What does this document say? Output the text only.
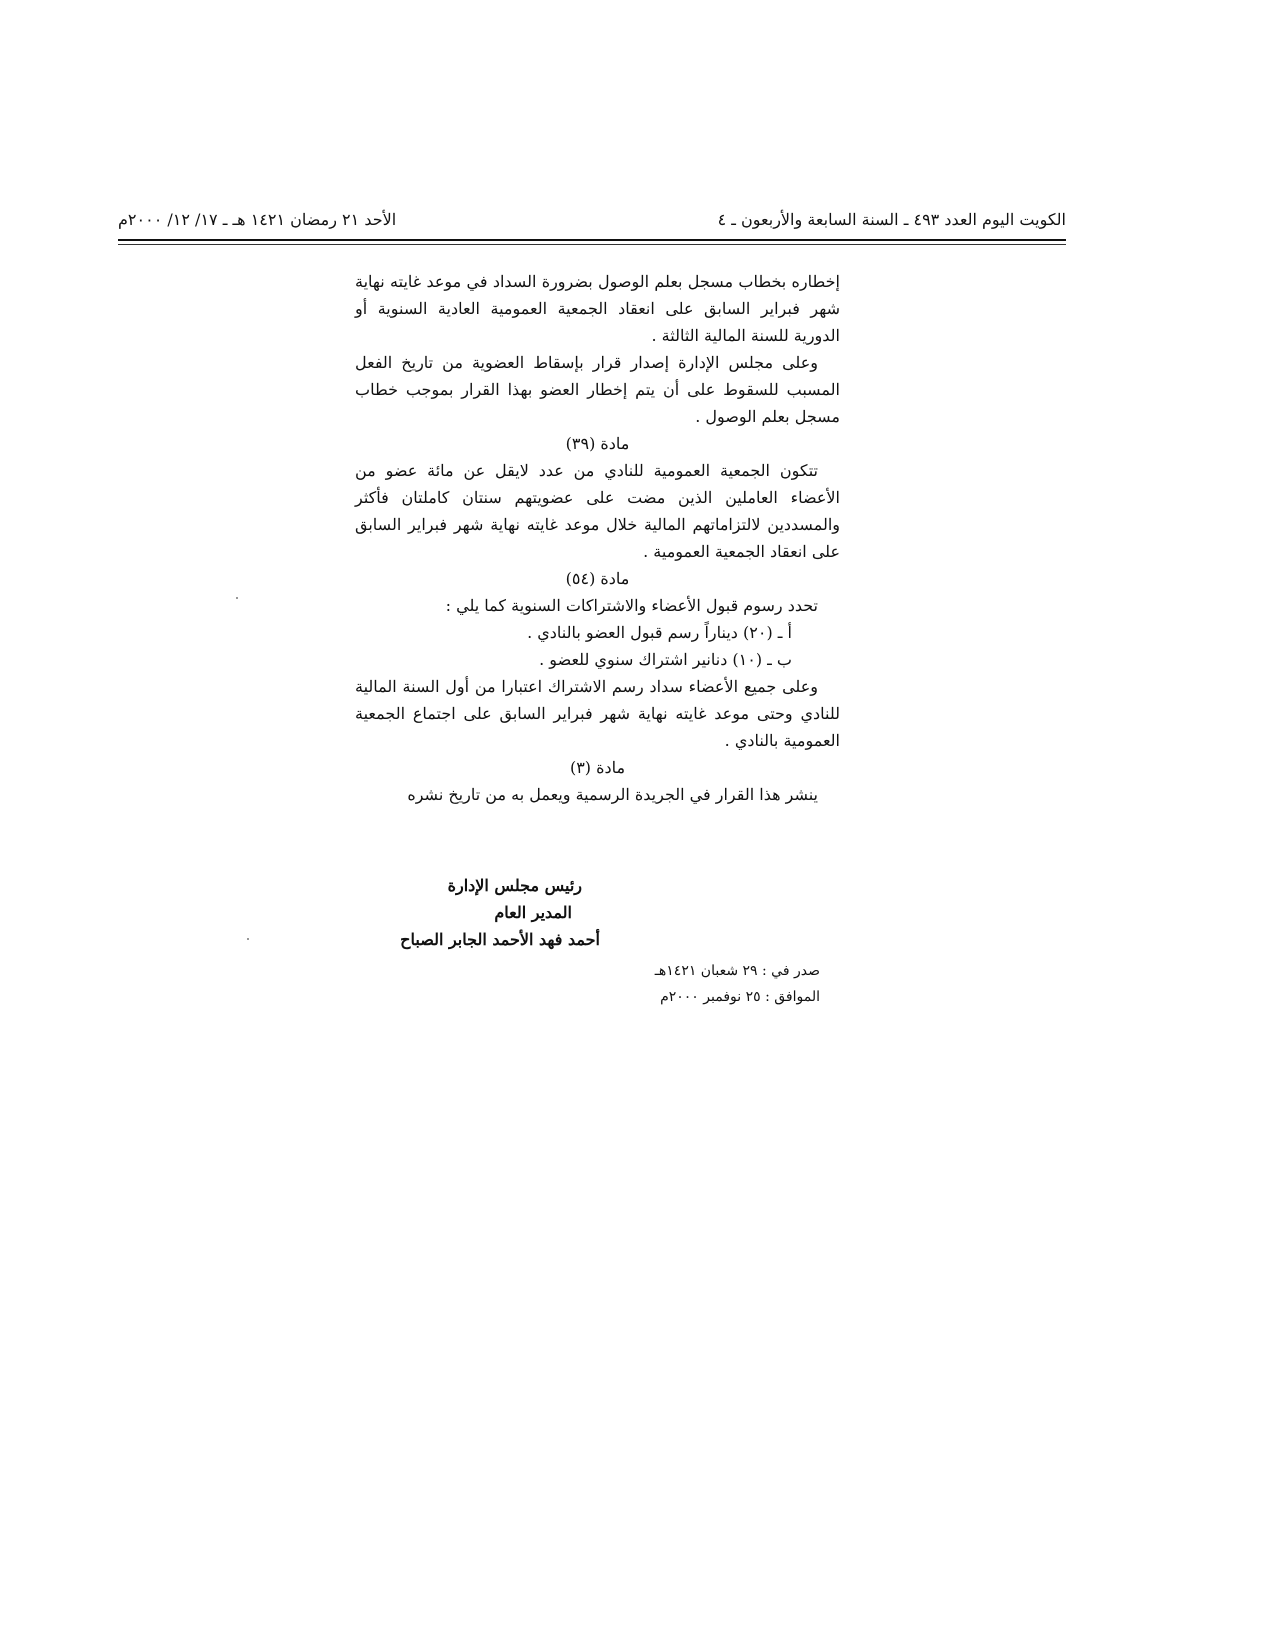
الكويت اليوم العدد ٤٩٣ ـ السنة السابعة والأربعون ـ ٤
الأحد ٢١ رمضان ١٤٢١ هـ ـ ١٧/ ١٢/ ٢٠٠٠م

إخطاره بخطاب مسجل بعلم الوصول بضرورة السداد في موعد غايته نهاية شهر فبراير السابق على انعقاد الجمعية العمومية العادية السنوية أو الدورية للسنة المالية الثالثة .

وعلى مجلس الإدارة إصدار قرار بإسقاط العضوية من تاريخ الفعل المسبب للسقوط على أن يتم إخطار العضو بهذا القرار بموجب خطاب مسجل بعلم الوصول .

مادة (٣٩)

تتكون الجمعية العمومية للنادي من عدد لايقل عن مائة عضو من الأعضاء العاملين الذين مضت على عضويتهم سنتان كاملتان فأكثر والمسددين لالتزاماتهم المالية خلال موعد غايته نهاية شهر فبراير السابق على انعقاد الجمعية العمومية .

مادة (٥٤)

تحدد رسوم قبول الأعضاء والاشتراكات السنوية كما يلي :

أ ـ (٢٠) ديناراً رسم قبول العضو بالنادي .

ب ـ (١٠) دنانير اشتراك سنوي للعضو .

وعلى جميع الأعضاء سداد رسم الاشتراك اعتبارا من أول السنة المالية للنادي وحتى موعد غايته نهاية شهر فبراير السابق على اجتماع الجمعية العمومية بالنادي .

مادة (٣)

ينشر هذا القرار في الجريدة الرسمية ويعمل به من تاريخ نشره

رئيس مجلس الإدارة

المدير العام

أحمد فهد الأحمد الجابر الصباح

صدر في : ٢٩ شعبان ١٤٢١هـ

الموافق : ٢٥ نوفمبر ٢٠٠٠م
